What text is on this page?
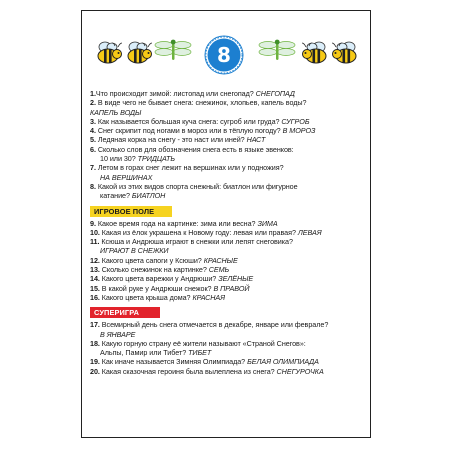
8
1.Что происходит зимой: листопад или снегопад? СНЕГОПАД
2. В виде чего не бывает снега: снежинок, хлопьев, капель воды?
КАПЕЛЬ ВОДЫ
3. Как называется большая куча снега: сугроб или груда? СУГРОБ
4. Снег скрипит под ногами в мороз или в тёплую погоду? В МОРОЗ
5. Ледяная корка на снегу - это наст или иней? НАСТ
6. Сколько слов для обозначения снега есть в языке эвенков:
10 или 30? ТРИДЦАТЬ
7. Летом в горах снег лежит на вершинах или у подножия?
НА ВЕРШИНАХ
8. Какой из этих видов спорта снежный: биатлон или фигурное
катание? БИАТЛОН
ИГРОВОЕ ПОЛЕ
9. Какое время года на картинке: зима или весна? ЗИМА
10. Какая из ёлок украшена к Новому году: левая или правая? ЛЕВАЯ
11. Ксюша и Андрюша играют в снежки или лепят снеговика?
ИГРАЮТ В СНЕЖКИ
12. Какого цвета сапоги у Ксюши? КРАСНЫЕ
13. Сколько снежинок на картинке? СЕМЬ
14. Какого цвета варежки у Андрюши? ЗЕЛЁНЫЕ
15. В какой руке у Андрюши снежок? В ПРАВОЙ
16. Какого цвета крыша дома? КРАСНАЯ
СУПЕРИГРА
17. Всемирный день снега отмечается в декабре, январе или феврале?
В ЯНВАРЕ
18. Какую горную страну её жители называют «Страной Снегов»:
Альпы, Памир или Тибет? ТИБЕТ
19. Как иначе называется Зимняя Олимпиада? БЕЛАЯ ОЛИМПИАДА
20. Какая сказочная героиня была вылеплена из снега? СНЕГУРОЧКА
